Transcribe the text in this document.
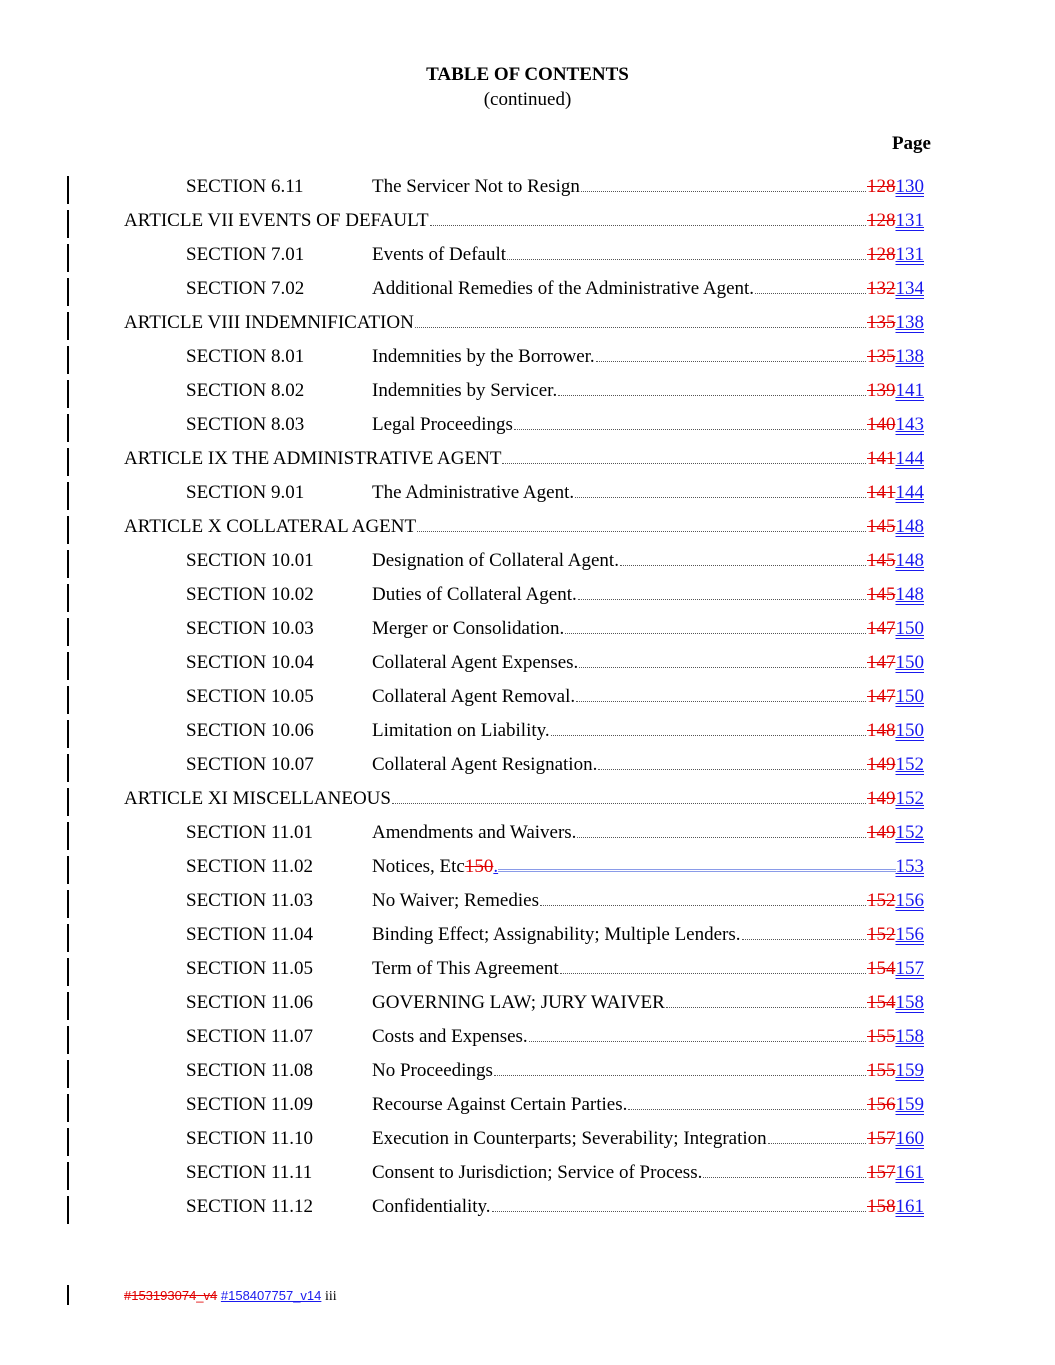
TABLE OF CONTENTS
(continued)
Page
SECTION 6.11	The Servicer Not to Resign	128 130
ARTICLE VII EVENTS OF DEFAULT	128 131
SECTION 7.01	Events of Default	128 131
SECTION 7.02	Additional Remedies of the Administrative Agent.	132 134
ARTICLE VIII INDEMNIFICATION	135 138
SECTION 8.01	Indemnities by the Borrower.	135 138
SECTION 8.02	Indemnities by Servicer.	139 141
SECTION 8.03	Legal Proceedings	140 143
ARTICLE IX THE ADMINISTRATIVE AGENT	141 144
SECTION 9.01	The Administrative Agent.	141 144
ARTICLE X COLLATERAL AGENT	145 148
SECTION 10.01	Designation of Collateral Agent.	145 148
SECTION 10.02	Duties of Collateral Agent.	145 148
SECTION 10.03	Merger or Consolidation.	147 150
SECTION 10.04	Collateral Agent Expenses.	147 150
SECTION 10.05	Collateral Agent Removal.	147 150
SECTION 10.06	Limitation on Liability.	148 150
SECTION 10.07	Collateral Agent Resignation.	149 152
ARTICLE XI MISCELLANEOUS	149 152
SECTION 11.01	Amendments and Waivers.	149 152
SECTION 11.02	Notices, Etc 150 .	153
SECTION 11.03	No Waiver; Remedies	152 156
SECTION 11.04	Binding Effect; Assignability; Multiple Lenders.	152 156
SECTION 11.05	Term of This Agreement	154 157
SECTION 11.06	GOVERNING LAW; JURY WAIVER	154 158
SECTION 11.07	Costs and Expenses.	155 158
SECTION 11.08	No Proceedings	155 159
SECTION 11.09	Recourse Against Certain Parties.	156 159
SECTION 11.10	Execution in Counterparts; Severability; Integration	157 160
SECTION 11.11	Consent to Jurisdiction; Service of Process.	157 161
SECTION 11.12	Confidentiality.	158 161
#153193074_v4 #158407757_v14 iii
